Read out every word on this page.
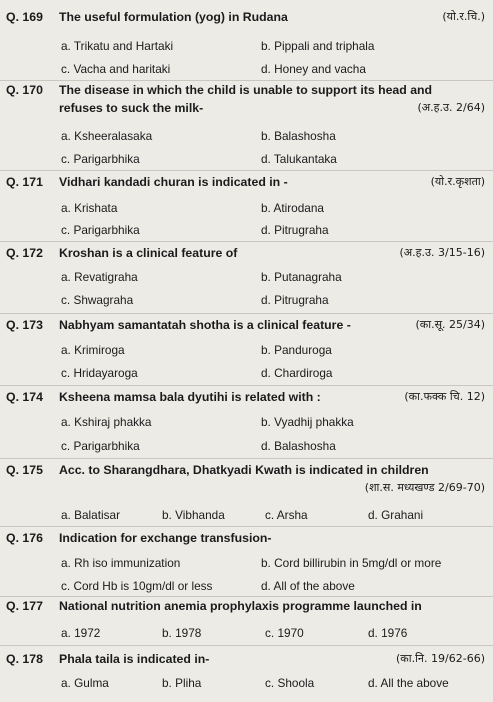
Q. 169 The useful formulation (yog) in Rudana	(यो.र.चि.)
a. Trikatu and Hartaki	b. Pippali and triphala
c. Vacha and haritaki	d. Honey and vacha
Q. 170 The disease in which the child is unable to support its head and
refuses to suck the milk-	(अ.ह.उ. 2/64)
a. Ksheeralasaka	b. Balashosha
c. Parigarbhika	d. Talukantaka
Q. 171 Vidhari kandadi churan is indicated in -	(यो.र.कृशता)
a. Krishata	b. Atirodana
c. Parigarbhika	d. Pitrugraha
Q. 172 Kroshan is a clinical feature of	(अ.ह.उ. 3/15-16)
a. Revatigraha	b. Putanagraha
c. Shwagraha	d. Pitrugraha
Q. 173 Nabhyam samantatah shotha is a clinical feature -	(का.सू. 25/34)
a. Krimiroga	b. Panduroga
c. Hridayaroga	d. Chardiroga
Q. 174 Ksheena mamsa bala dyutihi is related with :	(का.फक्क चि. 12)
a. Kshiraj phakka	b. Vyadhij phakka
c. Parigarbhika	d. Balashosha
Q. 175 Acc. to Sharangdhara, Dhatkyadi Kwath is indicated in children
(शा.स. मध्यखण्ड 2/69-70)
a. Balatisar	b. Vibhanda	c. Arsha	d. Grahani
Q. 176 Indication for exchange transfusion-
a. Rh iso immunization	b. Cord billirubin in 5mg/dl or more
c. Cord Hb is 10gm/dl or less	d. All of the above
Q. 177 National nutrition anemia prophylaxis programme launched in
a. 1972	b. 1978	c. 1970	d. 1976
Q. 178 Phala taila is indicated in-	(का.नि. 19/62-66)
a. Gulma	b. Pliha	c. Shoola	d. All the above
